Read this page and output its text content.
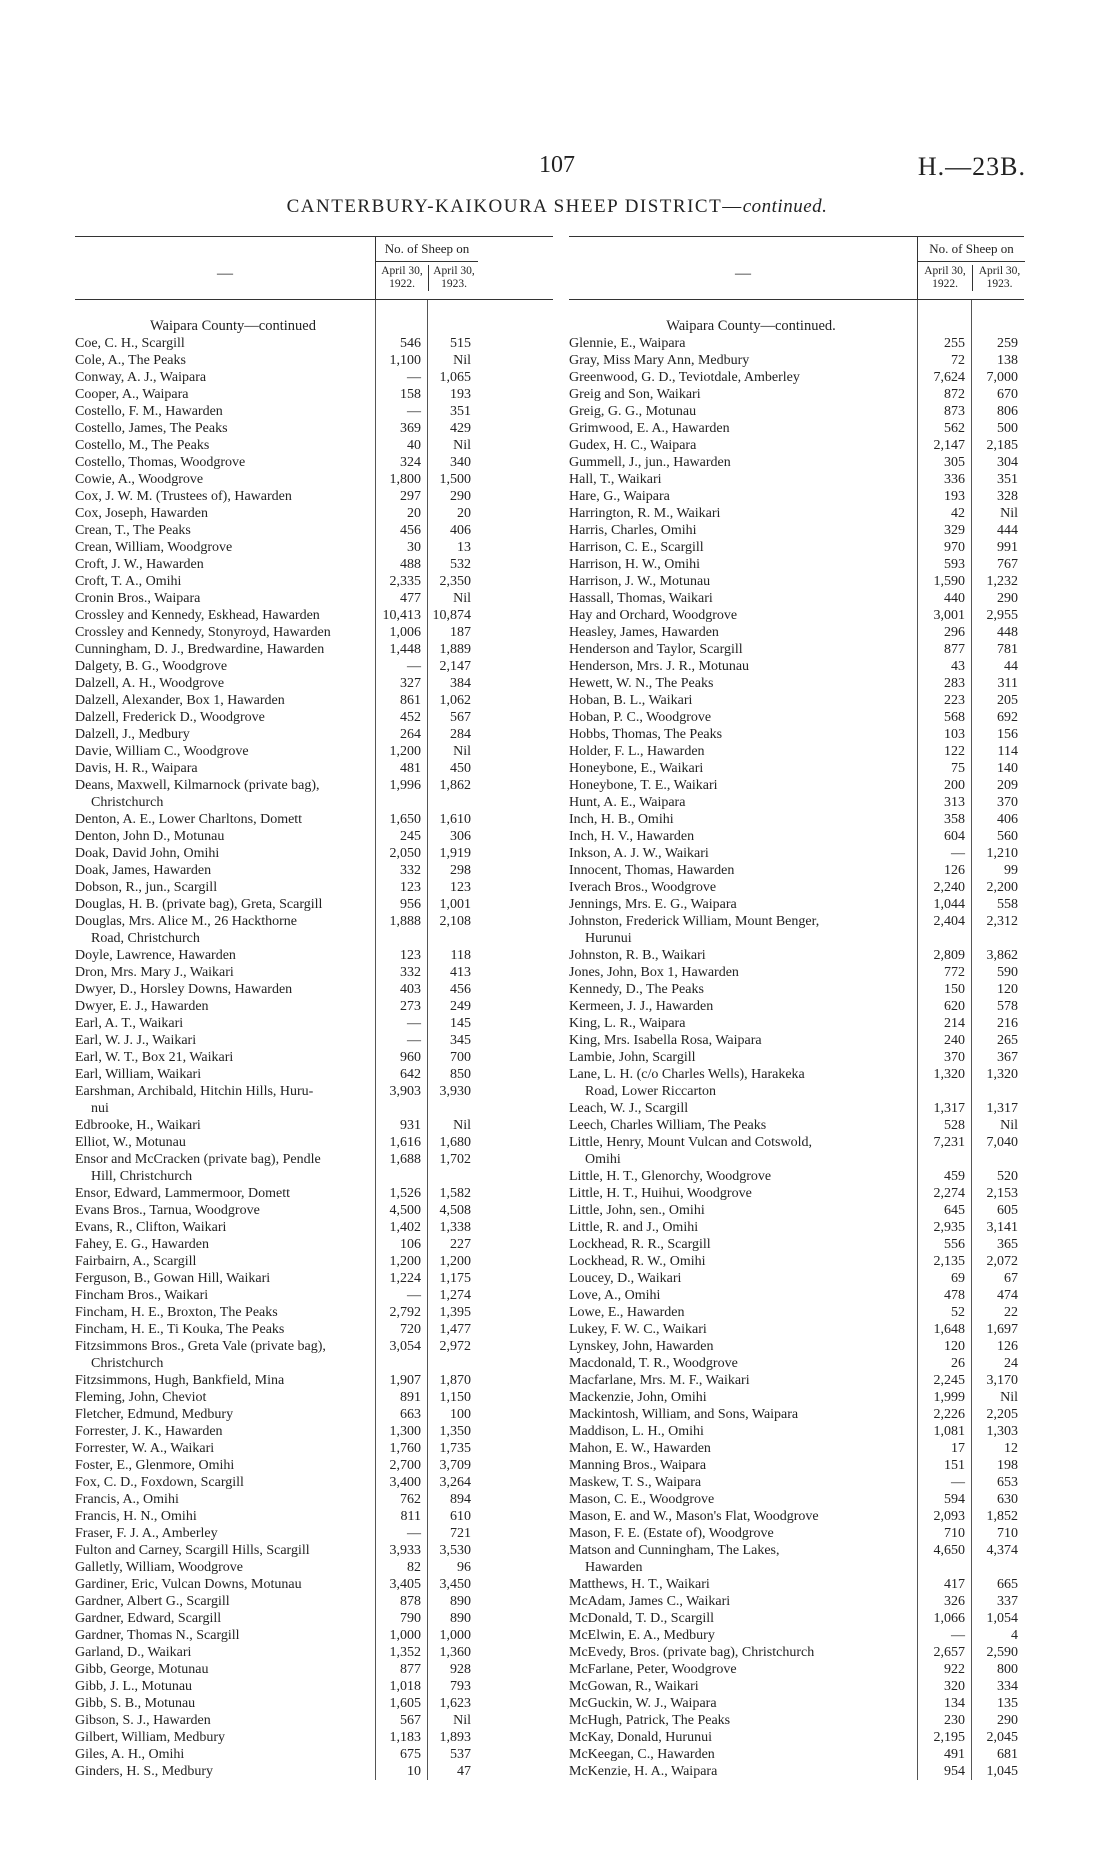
107	H.—23B.
CANTERBURY-KAIKOURA SHEEP DISTRICT—continued.
—
No. of Sheep on
April 30, 1922.
April 30, 1923.
Waipara County—continued
Coe, C. H., Scargill	546	515
Cole, A., The Peaks	1,100	Nil
Conway, A. J., Waipara	—	1,065
Cooper, A., Waipara	158	193
Costello, F. M., Hawarden	—	351
Costello, James, The Peaks	369	429
Costello, M., The Peaks	40	Nil
Costello, Thomas, Woodgrove	324	340
Cowie, A., Woodgrove	1,800	1,500
Cox, J. W. M. (Trustees of), Hawarden	297	290
Cox, Joseph, Hawarden	20	20
Crean, T., The Peaks	456	406
Crean, William, Woodgrove	30	13
Croft, J. W., Hawarden	488	532
Croft, T. A., Omihi	2,335	2,350
Cronin Bros., Waipara	477	Nil
Crossley and Kennedy, Eskhead, Hawarden	10,413 10,874
Crossley and Kennedy, Stonyroyd, Hawarden	1,006	187
Cunningham, D. J., Bredwardine, Hawarden	1,448	1,889
Dalgety, B. G., Woodgrove	—	2,147
Dalzell, A. H., Woodgrove	327	384
Dalzell, Alexander, Box 1, Hawarden	861	1,062
Dalzell, Frederick D., Woodgrove	452	567
Dalzell, J., Medbury	264	284
Davie, William C., Woodgrove	1,200	Nil
Davis, H. R., Waipara	481	450
Deans, Maxwell, Kilmarnock (private bag),	1,996	1,862
Christchurch
Denton, A. E., Lower Charltons, Domett	1,650	1,610
Denton, John D., Motunau	245	306
Doak, David John, Omihi	2,050	1,919
Doak, James, Hawarden	332	298
Dobson, R., jun., Scargill	123	123
Douglas, H. B. (private bag), Greta, Scargill	956	1,001
Douglas, Mrs. Alice M., 26 Hackthorne	1,888	2,108
Road, Christchurch
Doyle, Lawrence, Hawarden	123	118
Dron, Mrs. Mary J., Waikari	332	413
Dwyer, D., Horsley Downs, Hawarden	403	456
Dwyer, E. J., Hawarden	273	249
Earl, A. T., Waikari	—	145
Earl, W. J. J., Waikari	—	345
Earl, W. T., Box 21, Waikari	960	700
Earl, William, Waikari	642	850
Earshman, Archibald, Hitchin Hills, Huru-	3,903	3,930
nui
Edbrooke, H., Waikari	931	Nil
Elliot, W., Motunau	1,616	1,680
Ensor and McCracken (private bag), Pendle	1,688	1,702
Hill, Christchurch
Ensor, Edward, Lammermoor, Domett	1,526	1,582
Evans Bros., Tarnua, Woodgrove	4,500	4,508
Evans, R., Clifton, Waikari	1,402	1,338
Fahey, E. G., Hawarden	106	227
Fairbairn, A., Scargill	1,200	1,200
Ferguson, B., Gowan Hill, Waikari	1,224	1,175
Fincham Bros., Waikari	—	1,274
Fincham, H. E., Broxton, The Peaks	2,792	1,395
Fincham, H. E., Ti Kouka, The Peaks	720	1,477
Fitzsimmons Bros., Greta Vale (private bag),	3,054	2,972
Christchurch
Fitzsimmons, Hugh, Bankfield, Mina	1,907	1,870
Fleming, John, Cheviot	891	1,150
Fletcher, Edmund, Medbury	663	100
Forrester, J. K., Hawarden	1,300	1,350
Forrester, W. A., Waikari	1,760	1,735
Foster, E., Glenmore, Omihi	2,700	3,709
Fox, C. D., Foxdown, Scargill	3,400	3,264
Francis, A., Omihi	762	894
Francis, H. N., Omihi	811	610
Fraser, F. J. A., Amberley	—	721
Fulton and Carney, Scargill Hills, Scargill	3,933	3,530
Galletly, William, Woodgrove	82	96
Gardiner, Eric, Vulcan Downs, Motunau	3,405	3,450
Gardner, Albert G., Scargill	878	890
Gardner, Edward, Scargill	790	890
Gardner, Thomas N., Scargill	1,000	1,000
Garland, D., Waikari	1,352	1,360
Gibb, George, Motunau	877	928
Gibb, J. L., Motunau	1,018	793
Gibb, S. B., Motunau	1,605	1,623
Gibson, S. J., Hawarden	567	Nil
Gilbert, William, Medbury	1,183	1,893
Giles, A. H., Omihi	675	537
Ginders, H. S., Medbury	10	47
—
No. of Sheep on
April 30, 1922.
April 30, 1923.
Waipara County—continued.
Glennie, E., Waipara	255	259
Gray, Miss Mary Ann, Medbury	72	138
Greenwood, G. D., Teviotdale, Amberley	7,624	7,000
Greig and Son, Waikari	872	670
Greig, G. G., Motunau	873	806
Grimwood, E. A., Hawarden	562	500
Gudex, H. C., Waipara	2,147	2,185
Gummell, J., jun., Hawarden	305	304
Hall, T., Waikari	336	351
Hare, G., Waipara	193	328
Harrington, R. M., Waikari	42	Nil
Harris, Charles, Omihi	329	444
Harrison, C. E., Scargill	970	991
Harrison, H. W., Omihi	593	767
Harrison, J. W., Motunau	1,590	1,232
Hassall, Thomas, Waikari	440	290
Hay and Orchard, Woodgrove	3,001	2,955
Heasley, James, Hawarden	296	448
Henderson and Taylor, Scargill	877	781
Henderson, Mrs. J. R., Motunau	43	44
Hewett, W. N., The Peaks	283	311
Hoban, B. L., Waikari	223	205
Hoban, P. C., Woodgrove	568	692
Hobbs, Thomas, The Peaks	103	156
Holder, F. L., Hawarden	122	114
Honeybone, E., Waikari	75	140
Honeybone, T. E., Waikari	200	209
Hunt, A. E., Waipara	313	370
Inch, H. B., Omihi	358	406
Inch, H. V., Hawarden	604	560
Inkson, A. J. W., Waikari	—	1,210
Innocent, Thomas, Hawarden	126	99
Iverach Bros., Woodgrove	2,240	2,200
Jennings, Mrs. E. G., Waipara	1,044	558
Johnston, Frederick William, Mount Benger,	2,404	2,312
Hurunui
Johnston, R. B., Waikari	2,809	3,862
Jones, John, Box 1, Hawarden	772	590
Kennedy, D., The Peaks	150	120
Kermeen, J. J., Hawarden	620	578
King, L. R., Waipara	214	216
King, Mrs. Isabella Rosa, Waipara	240	265
Lambie, John, Scargill	370	367
Lane, L. H. (c/o Charles Wells), Harakeka	1,320	1,320
Road, Lower Riccarton
Leach, W. J., Scargill	1,317	1,317
Leech, Charles William, The Peaks	528	Nil
Little, Henry, Mount Vulcan and Cotswold,	7,231	7,040
Omihi
Little, H. T., Glenorchy, Woodgrove	459	520
Little, H. T., Huihui, Woodgrove	2,274	2,153
Little, John, sen., Omihi	645	605
Little, R. and J., Omihi	2,935	3,141
Lockhead, R. R., Scargill	556	365
Lockhead, R. W., Omihi	2,135	2,072
Loucey, D., Waikari	69	67
Love, A., Omihi	478	474
Lowe, E., Hawarden	52	22
Lukey, F. W. C., Waikari	1,648	1,697
Lynskey, John, Hawarden	120	126
Macdonald, T. R., Woodgrove	26	24
Macfarlane, Mrs. M. F., Waikari	2,245	3,170
Mackenzie, John, Omihi	1,999	Nil
Mackintosh, William, and Sons, Waipara	2,226	2,205
Maddison, L. H., Omihi	1,081	1,303
Mahon, E. W., Hawarden	17	12
Manning Bros., Waipara	151	198
Maskew, T. S., Waipara	—	653
Mason, C. E., Woodgrove	594	630
Mason, E. and W., Mason's Flat, Woodgrove	2,093	1,852
Mason, F. E. (Estate of), Woodgrove	710	710
Matson and Cunningham, The Lakes,	4,650	4,374
Hawarden
Matthews, H. T., Waikari	417	665
McAdam, James C., Waikari	326	337
McDonald, T. D., Scargill	1,066	1,054
McElwin, E. A., Medbury	—	4
McEvedy, Bros. (private bag), Christchurch	2,657	2,590
McFarlane, Peter, Woodgrove	922	800
McGowan, R., Waikari	320	334
McGuckin, W. J., Waipara	134	135
McHugh, Patrick, The Peaks	230	290
McKay, Donald, Hurunui	2,195	2,045
McKeegan, C., Hawarden	491	681
McKenzie, H. A., Waipara	954	1,045
